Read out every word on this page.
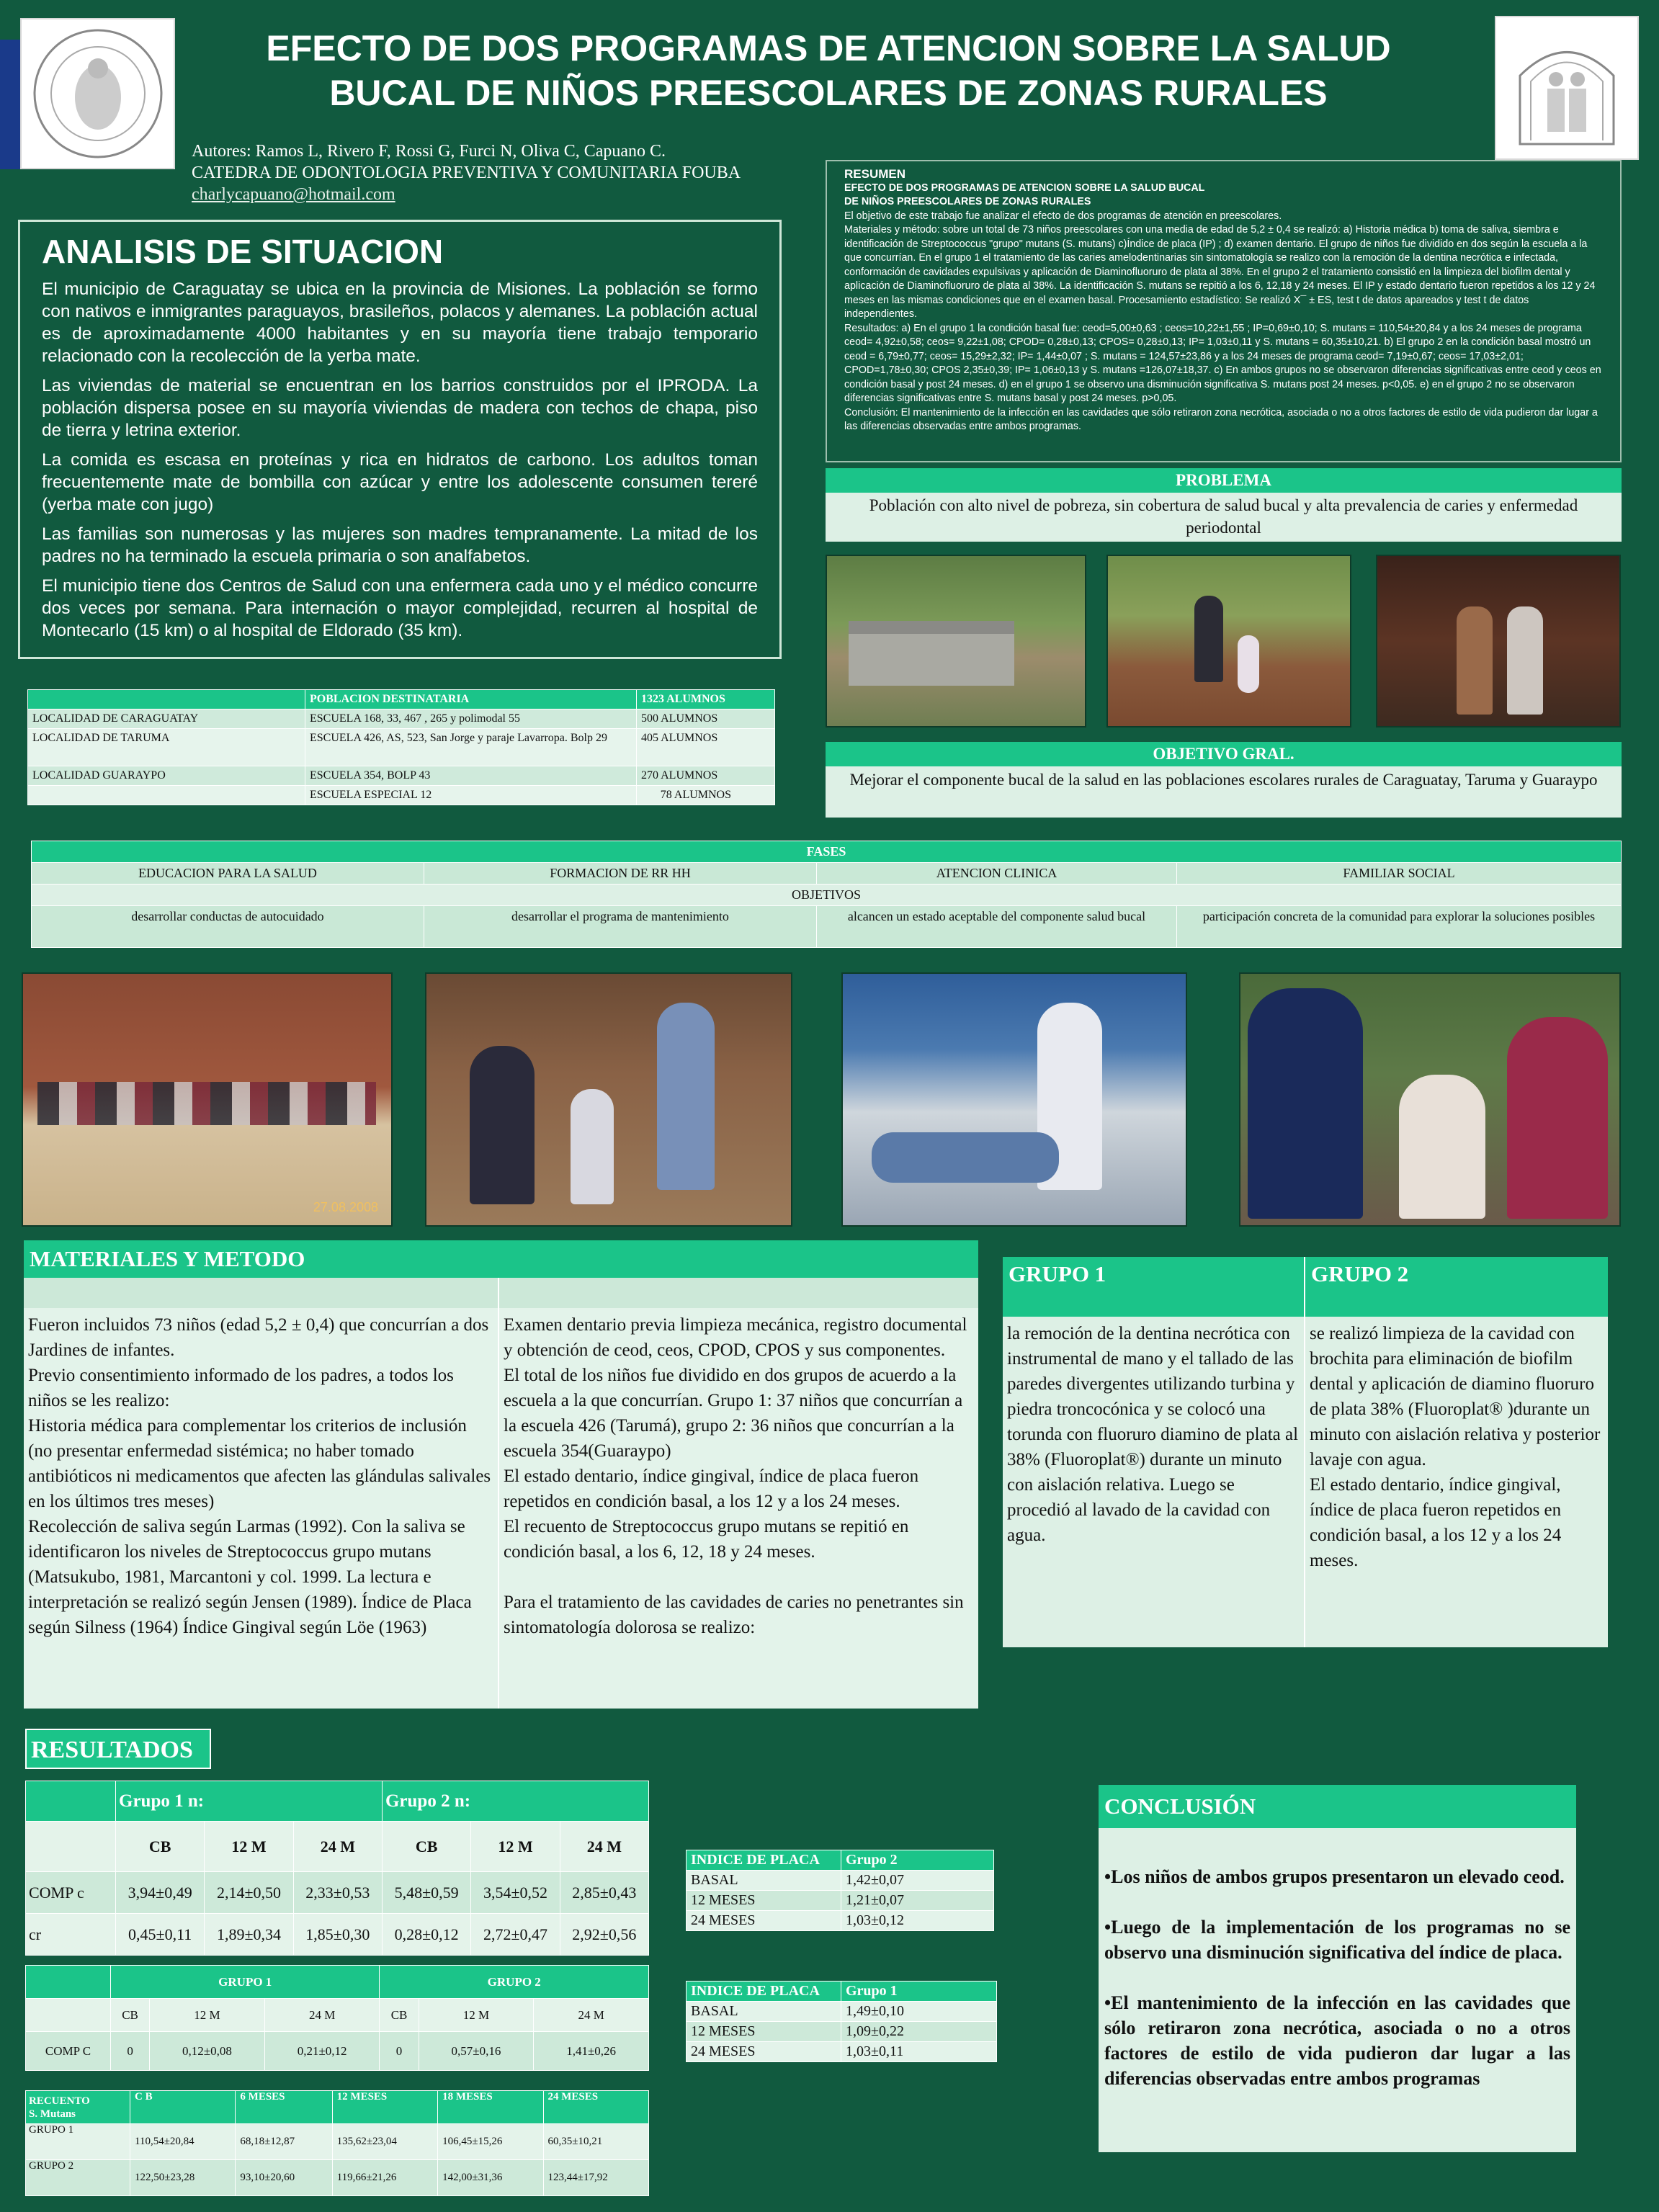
EFECTO DE DOS PROGRAMAS DE ATENCION SOBRE LA SALUD
BUCAL DE NIÑOS PREESCOLARES DE ZONAS RURALES
Autores: Ramos L, Rivero F, Rossi G, Furci N, Oliva C, Capuano C.
CATEDRA DE ODONTOLOGIA PREVENTIVA Y COMUNITARIA FOUBA
charlycapuano@hotmail.com
ANALISIS DE SITUACION

El municipio de Caraguatay se ubica en la provincia de Misiones. La población se formo con nativos e inmigrantes paraguayos, brasileños, polacos y alemanes. La población actual es de aproximadamente 4000 habitantes y en su mayoría tiene trabajo temporario relacionado con la recolección de la yerba mate.

Las viviendas de material se encuentran en los barrios construidos por el IPRODA. La población dispersa posee en su mayoría viviendas de madera con techos de chapa, piso de tierra y letrina exterior.

La comida es escasa en proteínas y rica en hidratos de carbono. Los adultos toman frecuentemente mate de bombilla con azúcar y entre los adolescente consumen tereré (yerba mate con jugo)

Las familias son numerosas y las mujeres son madres tempranamente. La mitad de los padres no ha terminado la escuela primaria o son analfabetos.

El municipio tiene dos Centros de Salud con una enfermera cada uno y el médico concurre dos veces por semana. Para internación o mayor complejidad, recurren al hospital de Montecarlo (15 km) o al hospital de Eldorado (35 km).

RESUMEN
EFECTO DE DOS PROGRAMAS DE ATENCION SOBRE LA SALUD BUCAL
DE NIÑOS PREESCOLARES DE ZONAS RURALES
El objetivo de este trabajo fue analizar el efecto de dos programas de atención en preescolares.
Materiales y método: sobre un total de 73 niños preescolares con una media de edad de 5,2 ± 0,4 se realizó: a) Historia médica b) toma de saliva, siembra e identificación de Streptococcus "grupo" mutans (S. mutans) c)Índice de placa (IP) ; d) examen dentario. El grupo de niños fue dividido en dos según la escuela a la que concurrían. En el grupo 1 el tratamiento de las caries amelodentinarias sin sintomatología se realizo con la remoción de la dentina necrótica e infectada, conformación de cavidades expulsivas y aplicación de Diaminofluoruro de plata al 38%. En el grupo 2 el tratamiento consistió en la limpieza del biofilm dental y aplicación de Diaminofluoruro de plata al 38%. La identificación S. mutans se repitió a los 6, 12,18 y 24 meses. El IP y estado dentario fueron repetidos a los 12 y 24 meses en las mismas condiciones que en el examen basal. Procesamiento estadístico: Se realizó X¯ ± ES, test t de datos apareados y test t de datos independientes.
Resultados: a) En el grupo 1 la condición basal fue: ceod=5,00±0,63 ; ceos=10,22±1,55 ; IP=0,69±0,10; S. mutans = 110,54±20,84 y a los 24 meses de programa ceod= 4,92±0,58; ceos= 9,22±1,08; CPOD= 0,28±0,13; CPOS= 0,28±0,13; IP= 1,03±0,11 y S. mutans = 60,35±10,21. b) El grupo 2 en la condición basal mostró un ceod = 6,79±0,77; ceos= 15,29±2,32; IP= 1,44±0,07 ; S. mutans = 124,57±23,86 y a los 24 meses de programa ceod= 7,19±0,67; ceos= 17,03±2,01; CPOD=1,78±0,30; CPOS 2,35±0,39; IP= 1,06±0,13 y S. mutans =126,07±18,37. c) En ambos grupos no se observaron diferencias significativas entre ceod y ceos en condición basal y post 24 meses. d) en el grupo 1 se observo una disminución significativa S. mutans post 24 meses. p<0,05. e) en el grupo 2 no se observaron diferencias significativas entre S. mutans basal y post 24 meses. p>0,05.
Conclusión: El mantenimiento de la infección en las cavidades que sólo retiraron zona necrótica, asociada o no a otros factores de estilo de vida pudieron dar lugar a las diferencias observadas entre ambos programas.
PROBLEMA
Población con alto nivel de pobreza, sin cobertura de salud bucal y alta prevalencia de caries y enfermedad periodontal
	POBLACION DESTINATARIA	1323 ALUMNOS
LOCALIDAD DE CARAGUATAY	ESCUELA 168, 33, 467 , 265 y polimodal 55	500 ALUMNOS
LOCALIDAD DE TARUMA	ESCUELA 426, AS, 523, San Jorge y paraje Lavarropa. Bolp 29	405 ALUMNOS
LOCALIDAD GUARAYPO	ESCUELA 354, BOLP 43	270 ALUMNOS
	ESCUELA ESPECIAL 12	78 ALUMNOS
OBJETIVO GRAL.
Mejorar el componente bucal de la salud en las poblaciones escolares rurales de Caraguatay, Taruma y Guaraypo
FASES			
EDUCACION PARA LA SALUD	FORMACION DE RR HH	ATENCION CLINICA	FAMILIAR SOCIAL
OBJETIVOS			
desarrollar conductas de autocuidado	desarrollar el programa de mantenimiento	alcancen un estado aceptable del componente salud bucal	participación concreta de la comunidad para explorar la soluciones posibles
27.08.2008
MATERIALES Y METODO
Fueron incluidos 73 niños (edad 5,2 ± 0,4) que concurrían a dos Jardines de infantes.
Previo consentimiento informado de los padres, a todos los niños se les realizo:
Historia médica para complementar los criterios de inclusión (no presentar enfermedad sistémica; no haber tomado antibióticos ni medicamentos que afecten las glándulas salivales en los últimos tres meses)
Recolección de saliva según Larmas (1992). Con la saliva se identificaron los niveles de Streptococcus grupo mutans (Matsukubo, 1981, Marcantoni y col. 1999. La lectura e interpretación se realizó según Jensen (1989). Índice de Placa según Silness (1964) Índice Gingival según Löe (1963)
Examen dentario previa limpieza mecánica, registro documental y obtención de ceod, ceos, CPOD, CPOS y sus componentes.
El total de los niños fue dividido en dos grupos de acuerdo a la escuela a la que concurrían. Grupo 1: 37 niños que concurrían a la escuela 426 (Tarumá), grupo 2: 36 niños que concurrían a la escuela 354(Guaraypo)
El estado dentario, índice gingival, índice de placa fueron repetidos en condición basal, a los 12 y a los 24 meses.
El recuento de Streptococcus grupo mutans se repitió en condición basal, a los 6, 12, 18 y 24 meses.
Para el tratamiento de las cavidades de caries no penetrantes sin sintomatología dolorosa se realizo:
GRUPO 1
la remoción de la dentina necrótica con instrumental de mano y el tallado de las paredes divergentes utilizando turbina y piedra troncocónica y se colocó una torunda con fluoruro diamino de plata al 38% (Fluoroplat®) durante un minuto con aislación relativa. Luego se procedió al lavado de la cavidad con agua.
GRUPO 2
se realizó limpieza de la cavidad con brochita para eliminación de biofilm dental y aplicación de diamino fluoruro de plata 38% (Fluoroplat® )durante un minuto con aislación relativa y posterior lavaje con agua.
El estado dentario, índice gingival, índice de placa fueron repetidos en condición basal, a los 12 y a los 24 meses.
RESULTADOS
	Grupo 1 n:			Grupo 2 n:		
	CB	12 M	24 M	CB	12 M	24 M
COMP c	3,94±0,49	2,14±0,50	2,33±0,53	5,48±0,59	3,54±0,52	2,85±0,43
cr	0,45±0,11	1,89±0,34	1,85±0,30	0,28±0,12	2,72±0,47	2,92±0,56
	GRUPO 1			GRUPO 2		
	CB	12 M	24 M	CB	12 M	24 M
COMP C	0	0,12±0,08	0,21±0,12	0	0,57±0,16	1,41±0,26
RECUENTO
S. Mutans	C B	6 MESES	12 MESES	18 MESES	24 MESES
GRUPO 1	110,54±20,84	68,18±12,87	135,62±23,04	106,45±15,26	60,35±10,21
GRUPO 2	122,50±23,28	93,10±20,60	119,66±21,26	142,00±31,36	123,44±17,92
INDICE DE PLACA	Grupo 2
BASAL	1,42±0,07
12 MESES	1,21±0,07
24 MESES	1,03±0,12
INDICE DE PLACA	Grupo 1
BASAL	1,49±0,10
12 MESES	1,09±0,22
24 MESES	1,03±0,11
CONCLUSIÓN
•Los niños de ambos grupos presentaron un elevado ceod.
•Luego de la implementación de los programas no se observo una disminución significativa del índice de placa.
•El mantenimiento de la infección en las cavidades que sólo retiraron zona necrótica, asociada o no a otros factores de estilo de vida pudieron dar lugar a las diferencias observadas entre ambos programas
